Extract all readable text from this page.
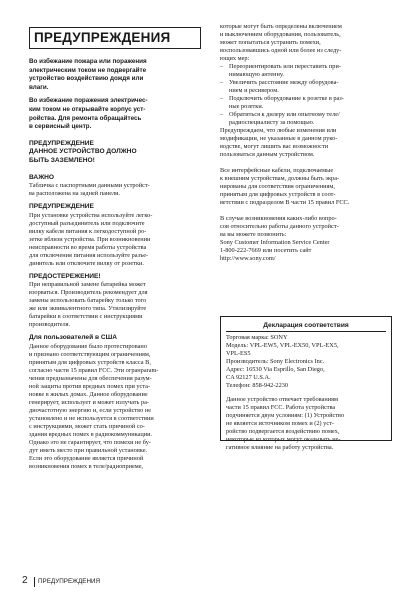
ПРЕДУПРЕЖДЕНИЯ

Во избежание пожара или поражения
электрическим током не подвергайте
устройство воздействию дождя или
влаги.

Во избежание поражения электричес-
ким током не открывайте корпус уст-
ройства. Для ремонта обращайтесь
в сервисный центр.

ПРЕДУПРЕЖДЕНИЕ
ДАННОЕ УСТРОЙСТВО ДОЛЖНО
БЫТЬ ЗАЗЕМЛЕНО!

ВАЖНО

Табличка с паспортными данными устройст-
ва расположена на задней панели.

ПРЕДУПРЕЖДЕНИЕ

При установке устройства используйте легко-
доступный разъединитель или подключите
вилку кабеля питания к легкодоступной ро-
зетке вблизи устройства. При возникновении
неисправности во время работы устройства
для отключения питания используйте разъе-
динитель или отключите вилку от розетки.

ПРЕДОСТЕРЕЖЕНИЕ!

При неправильной замене батарейка может
взорваться. Производитель рекомендует для
замены использовать батарейку только того
же или эквивалентного типа. Утилизируйте
батарейки в соответствии с инструкциями
производителя.

Для пользователей в США

Данное оборудование было протестировано
и признано соответствующим ограничениям,
принятым для цифровых устройств класса B,
согласно части 15 правил FCC. Эти огранparam-
чения предназначены для обеспечения разум-
ной защиты против вредных помех при уста-
новке в жилых домах. Данное оборудование
генерирует, использует и может излучать ра-
диочастотную энергию и, если устройство не
установлено и не используется в соответствии
с инструкциями, может стать причиной со-
здания вредных помех в радиокоммуникации.
Однако это не гарантирует, что помехи не бу-
дут иметь место при правильной установке.
Если это оборудование является причиной
возникновения помех в теле/радиоприеме,

которые могут быть определены включением
и выключением оборудования, пользователь,
может попытаться устранить помехи,
воспользовавшись одной или более из следу-
ющих мер:

– Переориентировать или переставить при-
нимающую антенну.
– Увеличить расстояние между оборудова-
нием и ресивером.
– Подключить оборудование к розетке в раз-
ные розетки.
– Обратиться к дилеру или опытному теле/
радиоспециалисту за помощью.

Предупреждаем, что любые изменения или
модификации, не указанные в данном руко-
водстве, могут лишить вас возможности
пользоваться данным устройством.

Все интерфейсные кабели, подключаемые
к внешним устройствам, должны быть экра-
нированы для соответствия ограничениям,
принятым для цифровых устройств в соот-
ветствии с подразделом B части 15 правил FCC.

В случае возникновения каких-либо вопро-
сов относительно работы данного устройст-
ва вы можете позвонить:
Sony Customer Information Service Center
1-800-222-7669 или посетить сайт
http://www.sony.com/

Декларация соответствия

Торговая марка: SONY
Модель: VPL-EW5, VPL-EX50, VPL-EX5,
VPL-ES5
Производитель: Sony Electronics Inc.
Адрес: 16530 Via Esprillo, San Diego,
CA 92127 U.S.A.
Телефон: 858-942-2230

Данное устройство отвечает требованиям
части 15 правил FCC. Работа устройства
подчиняется двум условиям: (1) Устройство
не является источником помех и (2) уст-
ройство подвергается воздействию помех,
некоторые из которых могут оказывать не-
гативное влияние на работу устройства.

2 ПРЕДУПРЕЖДЕНИЯ
